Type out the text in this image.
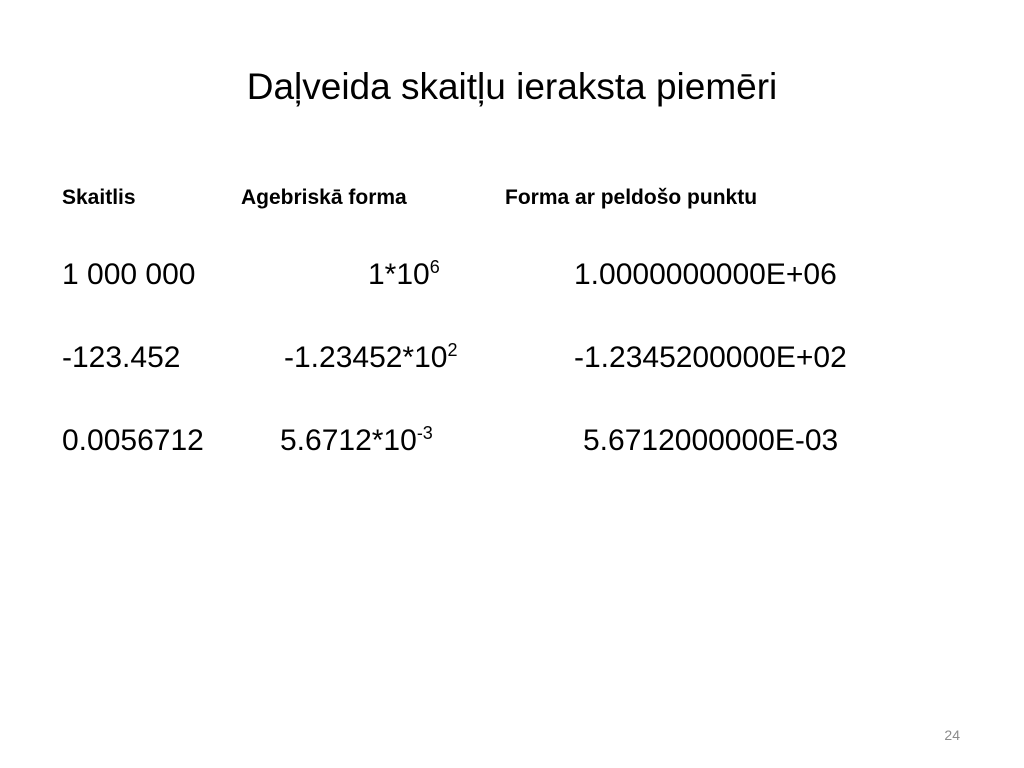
Daļveida skaitļu ieraksta piemēri
Skaitlis	Agebriskā forma	Forma ar peldošo punktu
1 000 000	$1*10^6$	1.0000000000E+06
-123.452	$-1.23452*10^2$	-1.2345200000E+02
0.0056712	$5.6712*10^{-3}$	5.6712000000E-03
24
